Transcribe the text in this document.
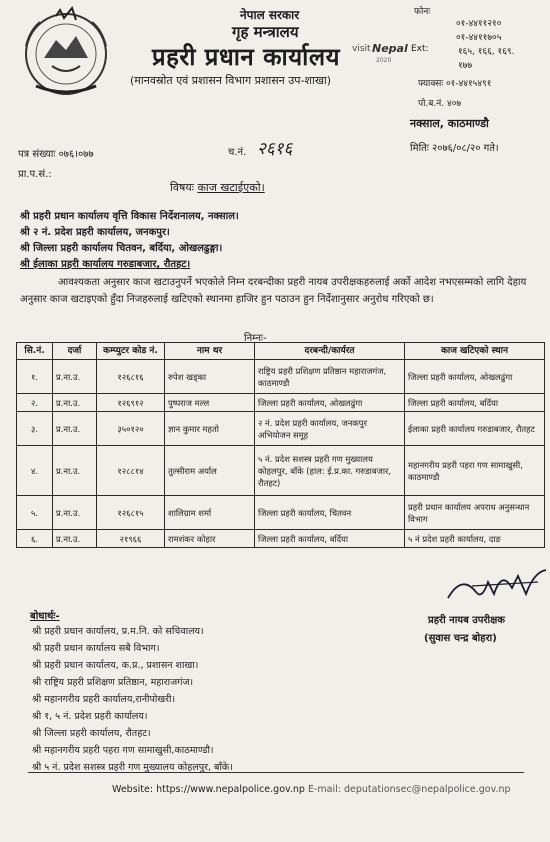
नेपाल सरकार
गृह मन्त्रालय
प्रहरी प्रधान कार्यालय
(मानवस्रोत एवं प्रशासन विभाग प्रशासन उप-शाखा)
visit Nepal
2020
फोनः
०१-४४११२१०
०१-४४११७०५
Ext:	१६५, १६६, १६९.
१७७
फ्याक्सः ०१-४४१५४९१
पो.ब.नं. ४०७
नक्साल, काठमाण्डौ
मितिः २०७६/०८/२० गते।
पत्र संख्याः ०७६।०७७	च.नं. २६१६
प्रा.प.सं.:
विषयः काज खटाईएको।
श्री प्रहरी प्रधान कार्यालय वृत्ति विकास निर्देशनालय, नक्साल।
श्री २ नं. प्रदेश प्रहरी कार्यालय, जनकपुर।
श्री जिल्ला प्रहरी कार्यालय चितवन, बर्दिया, ओखलढुङ्गा।
श्री ईलाका प्रहरी कार्यालय गरुडाबजार, रौतहट।
आवश्यकता अनुसार काज खटाउनुपर्ने भएकोले निम्न दरबन्दीका प्रहरी नायब उपरीक्षकहरुलाई अर्को आदेश नभएसम्मको लागि देहाय अनुसार काज खटाइएको हुँदा निजहरुलाई खटिएको स्थानमा हाजिर हुन पठाउन हुन निर्देशानुसार अनुरोध गरिएको छ।
निम्नः-
सि.नं.	दर्जा	कम्प्युटर कोड नं.	नाम थर	दरबन्दी/कार्यरत	काज खटिएको स्थान
१.	प्र.ना.उ.	१२६८१६	रुपेश खड्का	राष्ट्रिय प्रहरी प्रशिक्षण प्रतिष्ठान महाराजगंज, काठमाण्डौ	जिल्ला प्रहरी कार्यालय, ओखलढुंगा
२.	प्र.ना.उ.	१२६९१२	पुष्पराज मल्ल	जिल्ला प्रहरी कार्यालय, ओखलढुंगा	जिल्ला प्रहरी कार्यालय, बर्दिया
३.	प्र.ना.उ.	३५०१२०	ज्ञान कुमार महतो	२ नं. प्रदेश प्रहरी कार्यालय, जनकपुर अभियोजन समूह	ईलाका प्रहरी कार्यालय गरुडाबजार, रौतहट
४.	प्र.ना.उ.	१२८८१४	तुल्सीराम अर्याल	५ नं. प्रदेश सशस्त्र प्रहरी गण मुख्यालय कोहलपुर, बाँके (हाल: ई.प्र.का. गरुडाबजार, रौतहट)	महानगरीय प्रहरी पहरा गण सामाखुसी, काठमाण्डौ
५.	प्र.ना.उ.	१२६८१५	शालिग्राम शर्मा	जिल्ला प्रहरी कार्यालय, चितवन	प्रहरी प्रधान कार्यालय अपराध अनुसन्धान विभाग
६.	प्र.ना.उ.	२१९६६	रामशंकर कोहार	जिल्ला प्रहरी कार्यालय, बर्दिया	५ नं प्रदेश प्रहरी कार्यालय, दाङ
प्रहरी नायब उपरीक्षक
(सुवास चन्द्र बोहरा)
बोधार्थः-
श्री प्रहरी प्रधान कार्यालय, प्र.म.नि. को सचिवालय।
श्री प्रहरी प्रधान कार्यालय सबै विभाग।
श्री प्रहरी प्रधान कार्यालय, क.प्र., प्रशासन शाखा।
श्री राष्ट्रिय प्रहरी प्रशिक्षण प्रतिष्ठान, महाराजगंज।
श्री महानगरीय प्रहरी कार्यालय,रानीपोखरी।
श्री १, ५ नं. प्रदेश प्रहरी कार्यालय।
श्री जिल्ला प्रहरी कार्यालय, रौतहट।
श्री महानगरीय प्रहरी पहरा गण सामाखुसी,काठमाण्डौ।
श्री ५ नं. प्रदेश सशस्त्र प्रहरी गण मुख्यालय कोहलपुर, बाँके।
Website: https://www.nepalpolice.gov.np E-mail: deputationsec@nepalpolice.gov.np
